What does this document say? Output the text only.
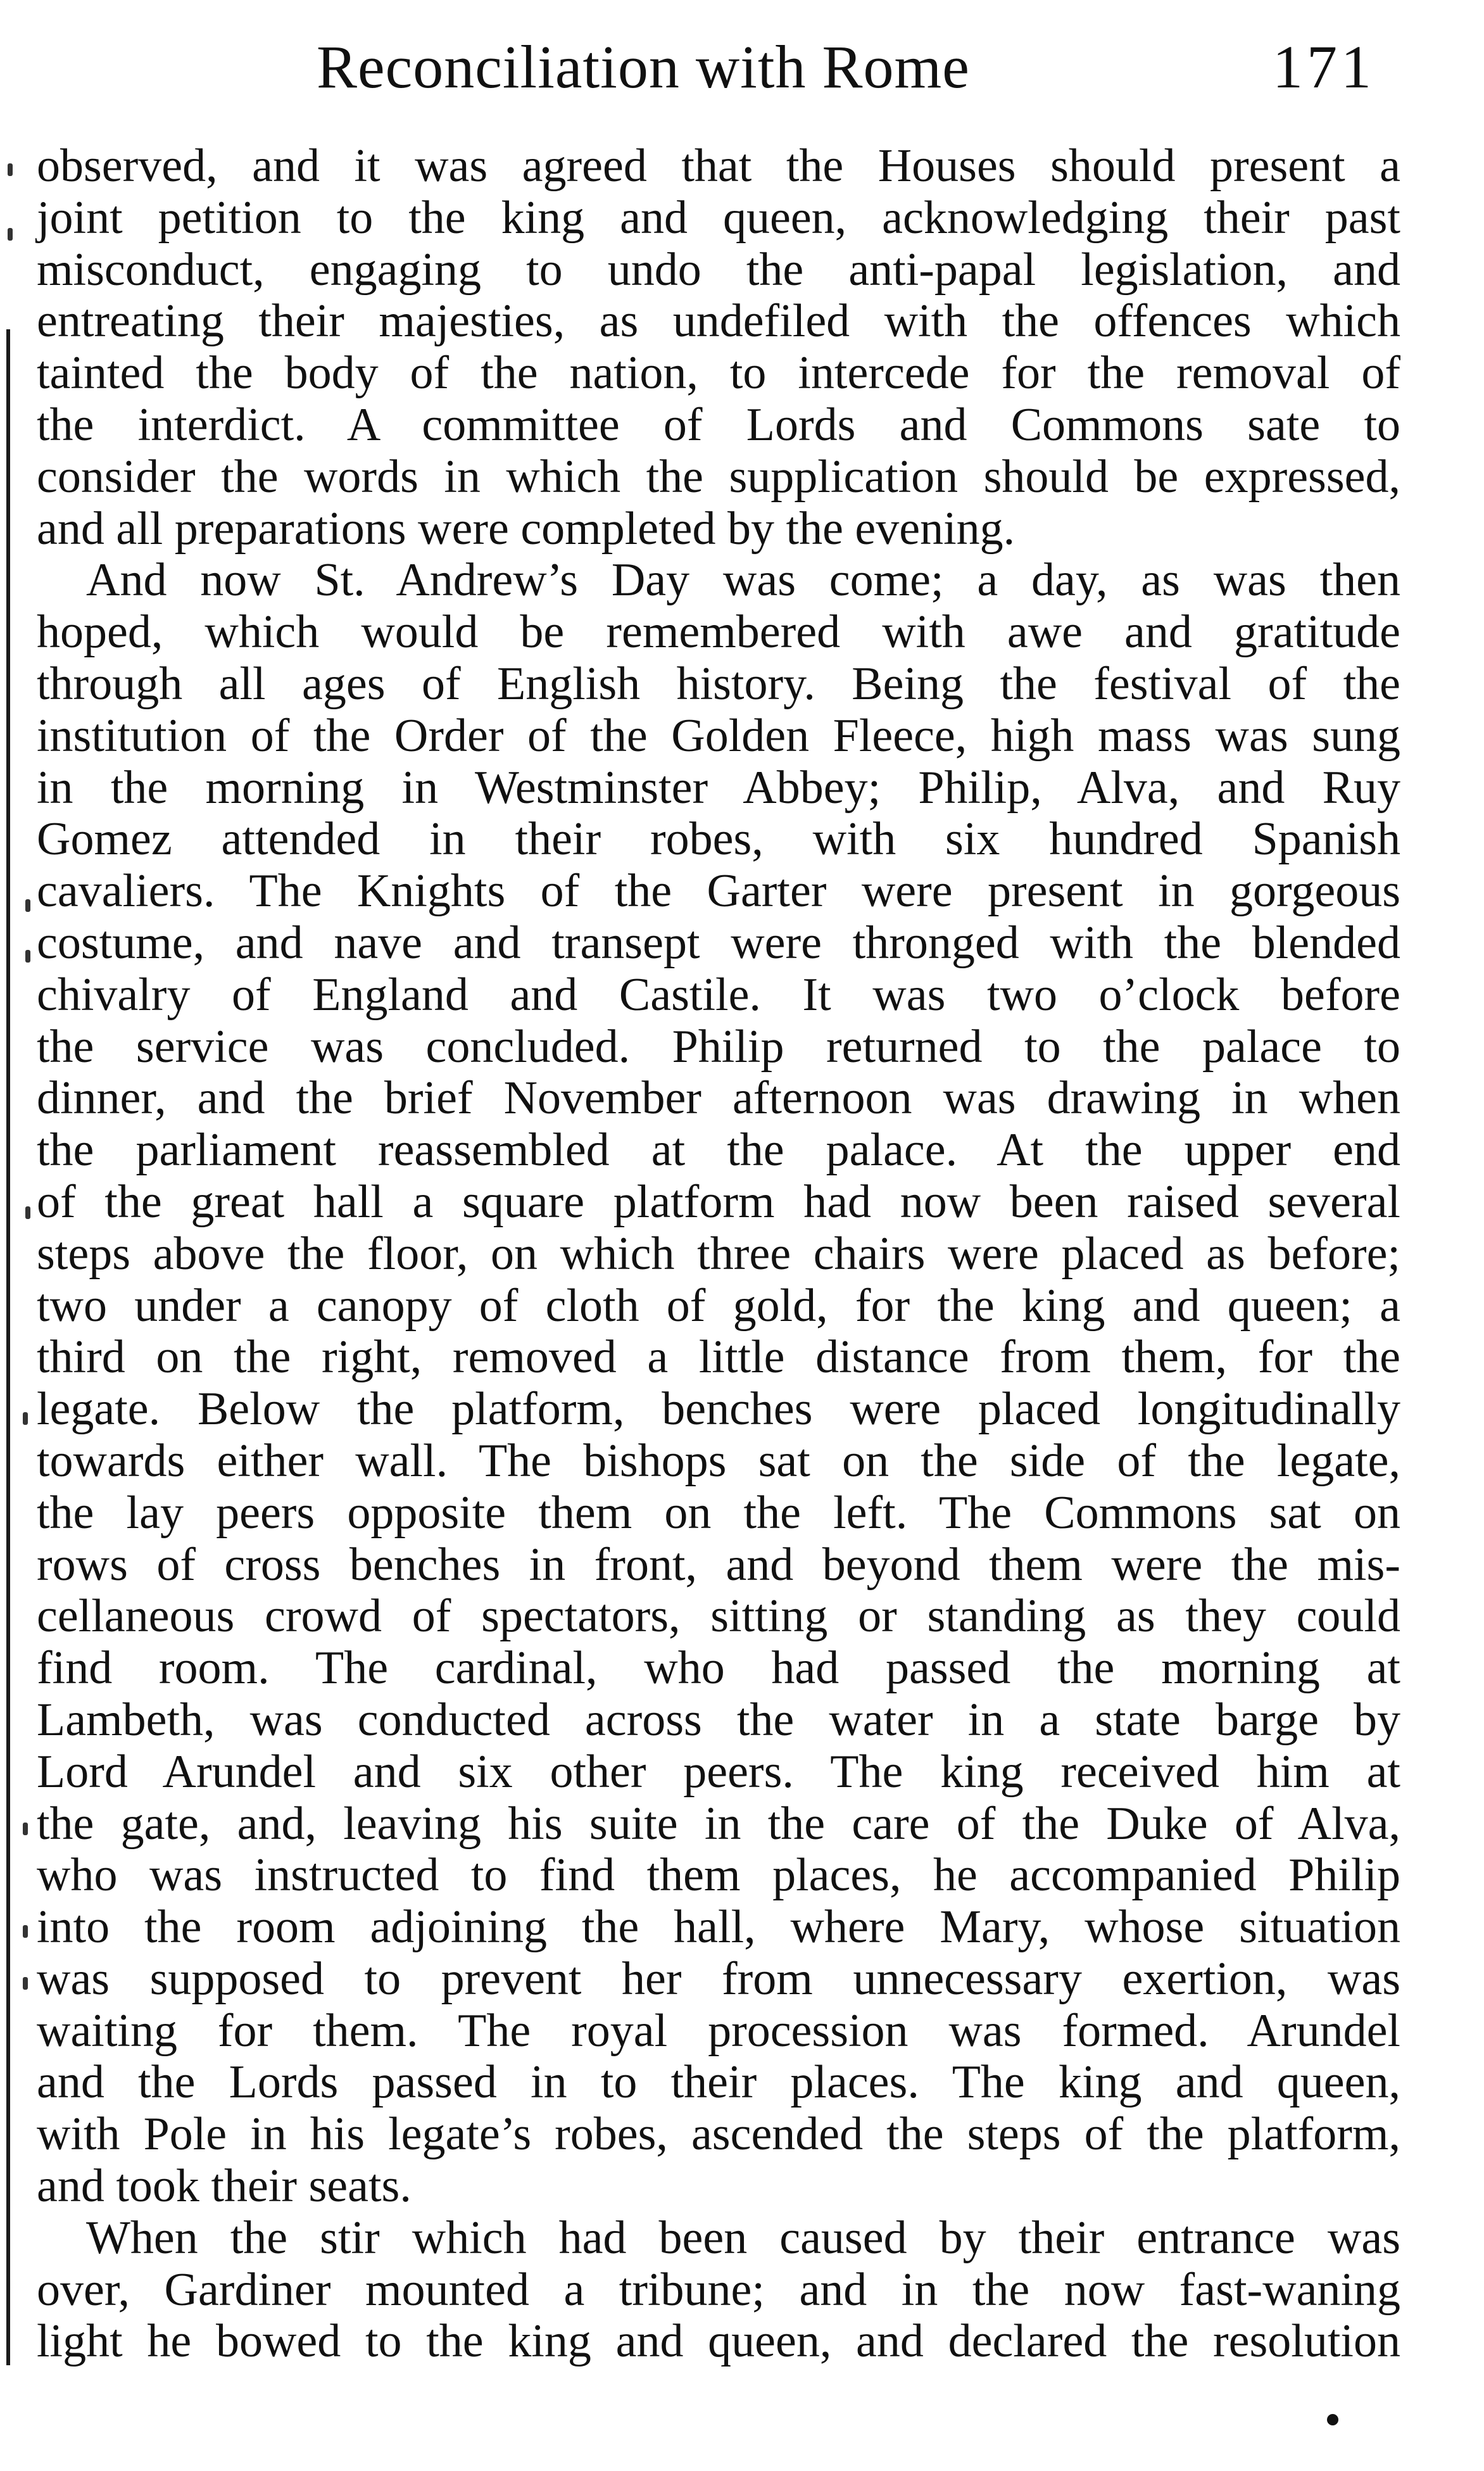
Reconciliation with Rome	171
observed, and it was agreed that the Houses should present a
joint petition to the king and queen, acknowledging their past
misconduct, engaging to undo the anti-papal legislation, and
entreating their majesties, as undefiled with the offences which
tainted the body of the nation, to intercede for the removal of
the interdict. A committee of Lords and Commons sate to
consider the words in which the supplication should be expressed,
and all preparations were completed by the evening.
And now St. Andrew’s Day was come; a day, as was then
hoped, which would be remembered with awe and gratitude
through all ages of English history. Being the festival of the
institution of the Order of the Golden Fleece, high mass was sung
in the morning in Westminster Abbey; Philip, Alva, and Ruy
Gomez attended in their robes, with six hundred Spanish
cavaliers. The Knights of the Garter were present in gorgeous
costume, and nave and transept were thronged with the blended
chivalry of England and Castile. It was two o’clock before
the service was concluded. Philip returned to the palace to
dinner, and the brief November afternoon was drawing in when
the parliament reassembled at the palace. At the upper end
of the great hall a square platform had now been raised several
steps above the floor, on which three chairs were placed as before;
two under a canopy of cloth of gold, for the king and queen; a
third on the right, removed a little distance from them, for the
legate. Below the platform, benches were placed longitudinally
towards either wall. The bishops sat on the side of the legate,
the lay peers opposite them on the left. The Commons sat on
rows of cross benches in front, and beyond them were the mis-
cellaneous crowd of spectators, sitting or standing as they could
find room. The cardinal, who had passed the morning at
Lambeth, was conducted across the water in a state barge by
Lord Arundel and six other peers. The king received him at
the gate, and, leaving his suite in the care of the Duke of Alva,
who was instructed to find them places, he accompanied Philip
into the room adjoining the hall, where Mary, whose situation
was supposed to prevent her from unnecessary exertion, was
waiting for them. The royal procession was formed. Arundel
and the Lords passed in to their places. The king and queen,
with Pole in his legate’s robes, ascended the steps of the platform,
and took their seats.
When the stir which had been caused by their entrance was
over, Gardiner mounted a tribune; and in the now fast-waning
light he bowed to the king and queen, and declared the resolution
